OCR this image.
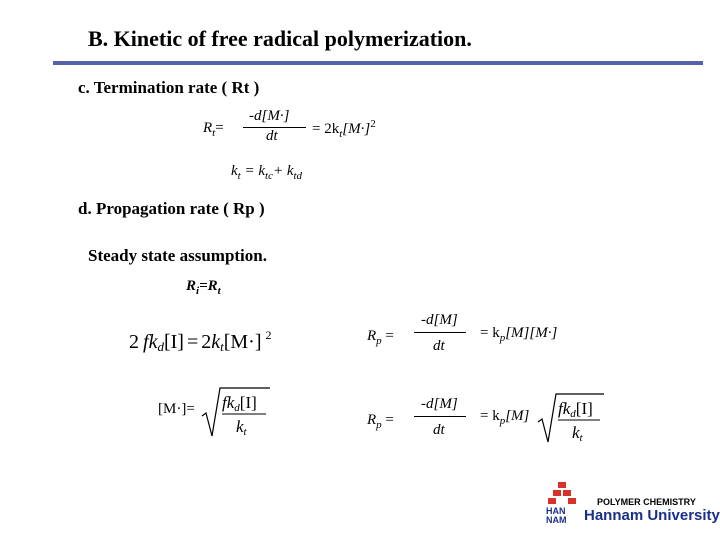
B. Kinetic of free radical polymerization.
c. Termination rate ( Rt )
$R_t=$
-d[M·]
dt = $2k_t[M\cdot]^2$
$k_t = k_{tc}+ k_{td}$
d. Propagation rate ( Rp )
Steady state assumption.
$R_i=R_t$
2 fkd[I] = 2kt[M·] $^2$
[M·]= fkd[I]
kt
$R_p$ =
-d[M]
dt
= $k_p[M][M\cdot]$
$R_p$ =
-d[M]
dt
= $k_p[M]$ fkd[I]
kt
HAN
NAM
POLYMER CHEMISTRY
Hannam University
